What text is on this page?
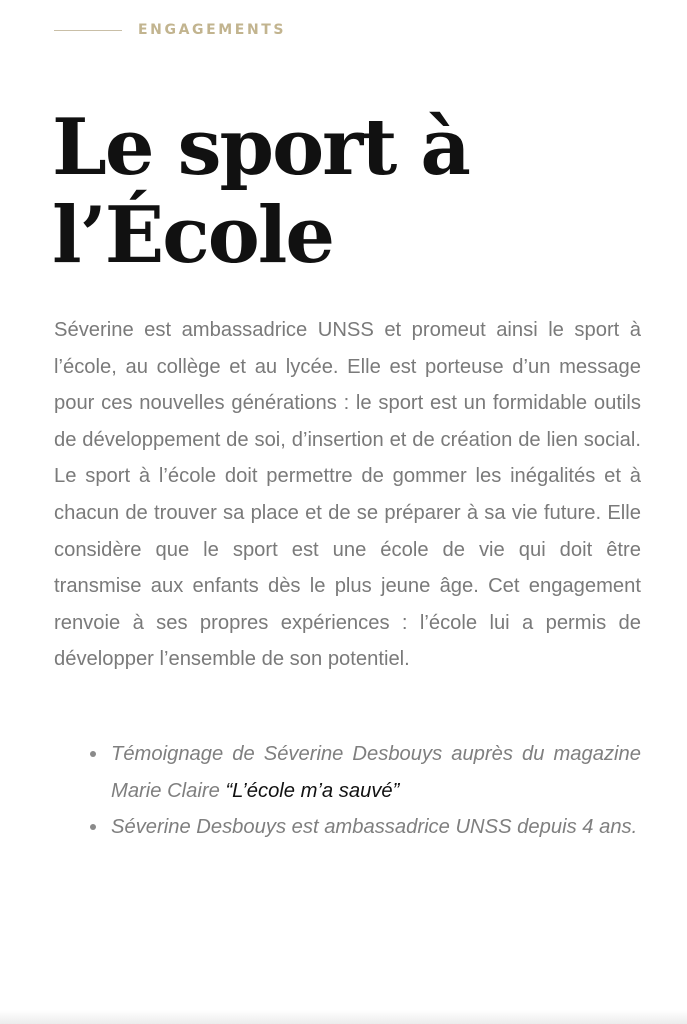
ENGAGEMENTS
Le sport à
l’École

Séverine est ambassadrice UNSS et promeut ainsi le sport à l’école, au collège et au lycée. Elle est porteuse d’un message pour ces nouvelles générations : le sport est un formidable outils de développement de soi, d’insertion et de création de lien social. Le sport à l’école doit permettre de gommer les inégalités et à chacun de trouver sa place et de se préparer à sa vie future. Elle considère que le sport est une école de vie qui doit être transmise aux enfants dès le plus jeune âge. Cet engagement renvoie à ses propres expériences : l’école lui a permis de développer l’ensemble de son potentiel.

Témoignage de Séverine Desbouys auprès du magazine Marie Claire “L’école m’a sauvé”
Séverine Desbouys est ambassadrice UNSS depuis 4 ans.
